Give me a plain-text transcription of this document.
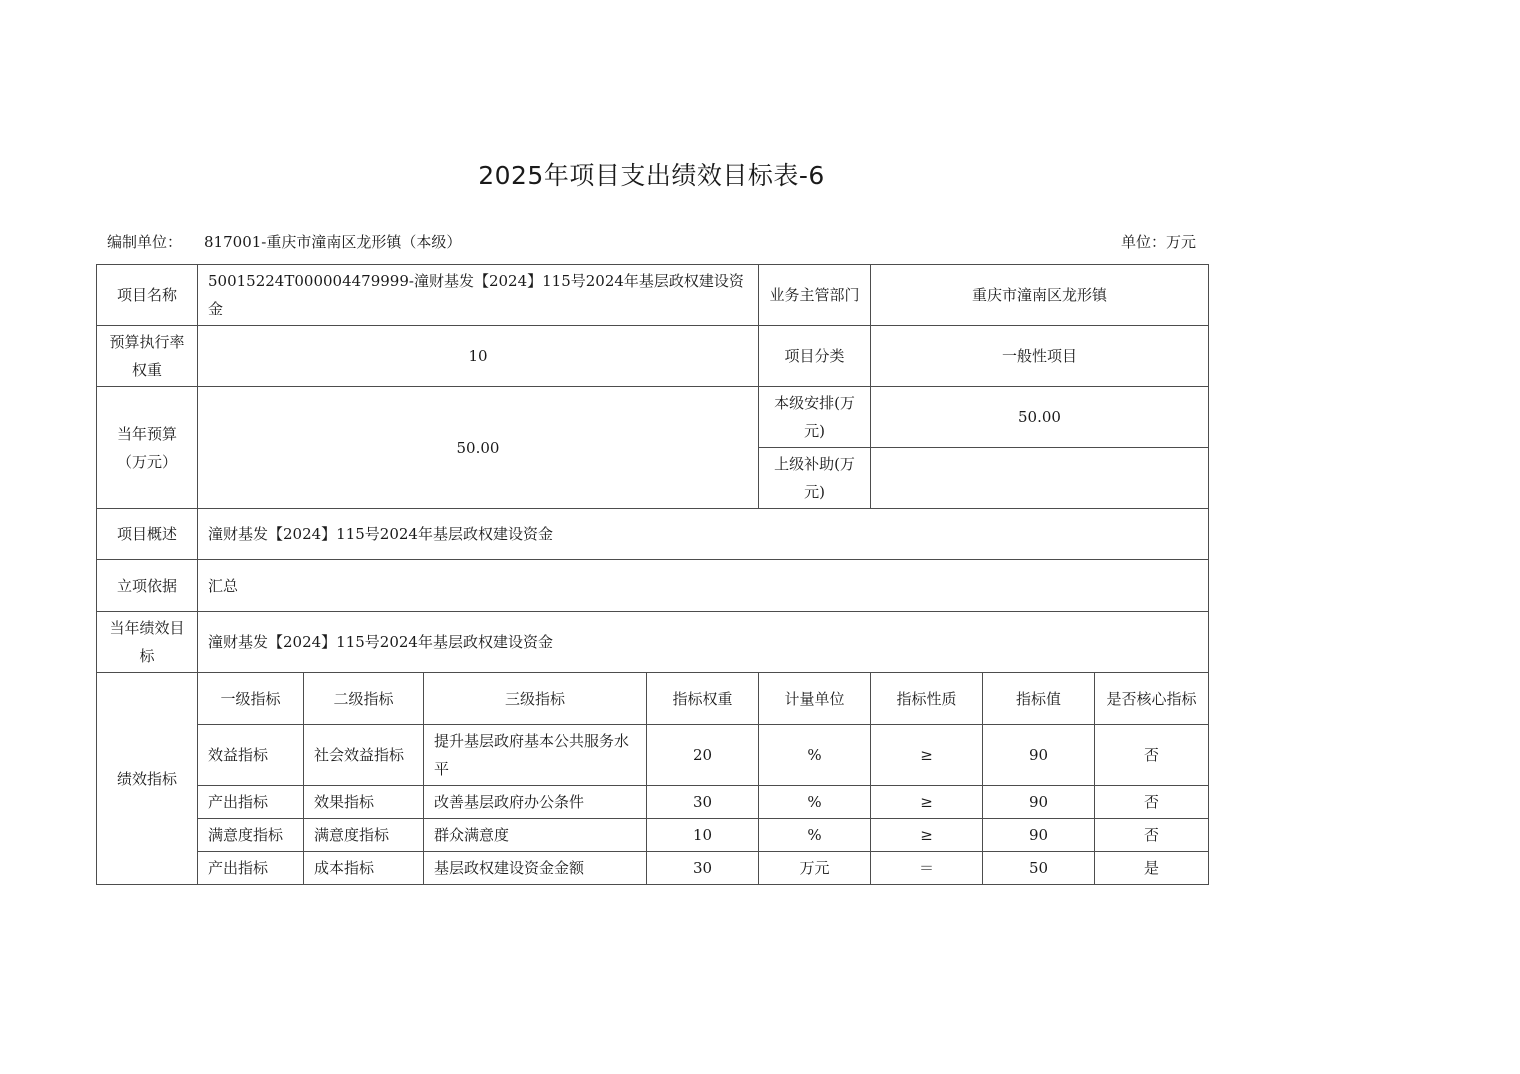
2025年项目支出绩效目标表-6
编制单位： 817001-重庆市潼南区龙形镇（本级）	单位：万元
项目名称	50015224T000004479999-潼财基发【2024】115号2024年基层政权建设资金				业务主管部门	重庆市潼南区龙形镇		
预算执行率权重	10				项目分类	一般性项目		
当年预算（万元）	50.00				本级安排(万元)	50.00		
					上级补助(万元)			
项目概述	潼财基发【2024】115号2024年基层政权建设资金							
立项依据	汇总							
当年绩效目标	潼财基发【2024】115号2024年基层政权建设资金							
绩效指标	一级指标	二级指标	三级指标	指标权重	计量单位	指标性质	指标值	是否核心指标
	效益指标	社会效益指标	提升基层政府基本公共服务水平	20	%	≥	90	否
	产出指标	效果指标	改善基层政府办公条件	30	%	≥	90	否
	满意度指标	满意度指标	群众满意度	10	%	≥	90	否
	产出指标	成本指标	基层政权建设资金金额	30	万元	＝	50	是
